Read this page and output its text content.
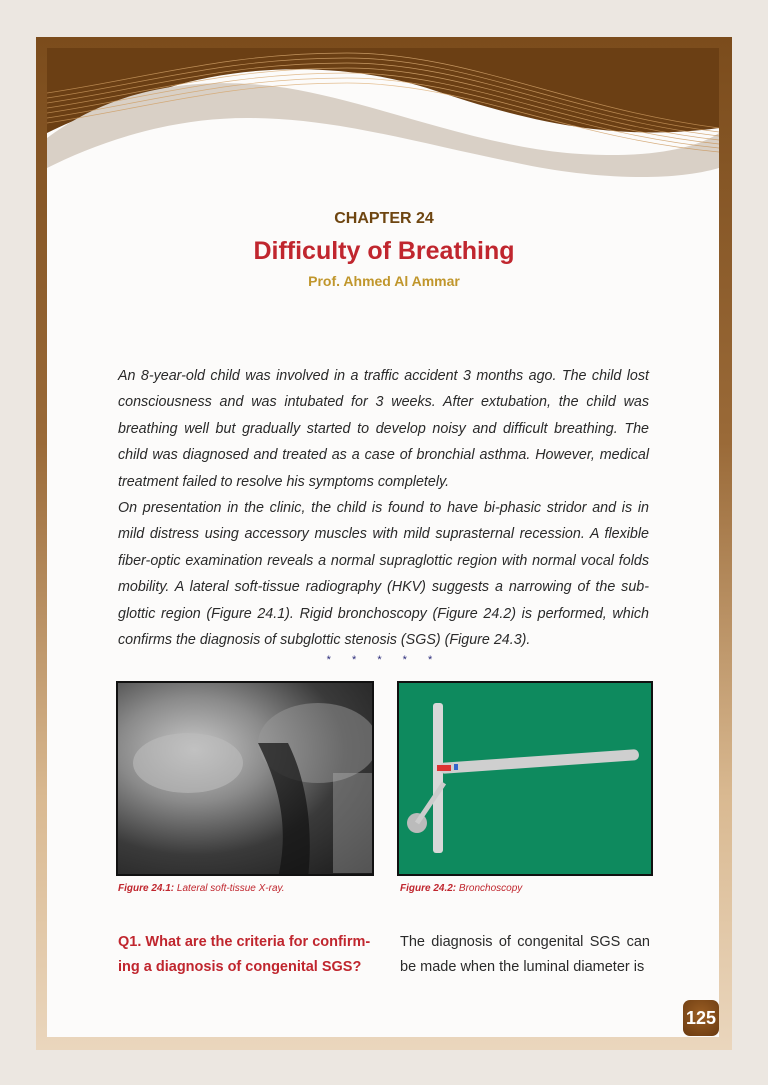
CHAPTER 24
Difficulty of Breathing
Prof. Ahmed Al Ammar
An 8-year-old child was involved in a traffic accident 3 months ago. The child lost
consciousness and was intubated for 3 weeks. After extubation, the child was
breathing well but gradually started to develop noisy and difficult breathing. The
child was diagnosed and treated as a case of bronchial asthma. However, medical
treatment failed to resolve his symptoms completely.
On presentation in the clinic, the child is found to have bi-phasic stridor and is in
mild distress using accessory muscles with mild suprasternal recession. A flexible
fiber-optic examination reveals a normal supraglottic region with normal vocal folds
mobility. A lateral soft-tissue radiography (HKV) suggests a narrowing of the sub-
glottic region (Figure 24.1). Rigid bronchoscopy (Figure 24.2) is performed, which
confirms the diagnosis of subglottic stenosis (SGS) (Figure 24.3).
* * * * *
Figure 24.1: Lateral soft-tissue X-ray.	Figure 24.2: Bronchoscopy
Q1. What are the criteria for confirm-ing a diagnosis of congenital SGS?
The diagnosis of congenital SGS can be made when the luminal diameter is
125
